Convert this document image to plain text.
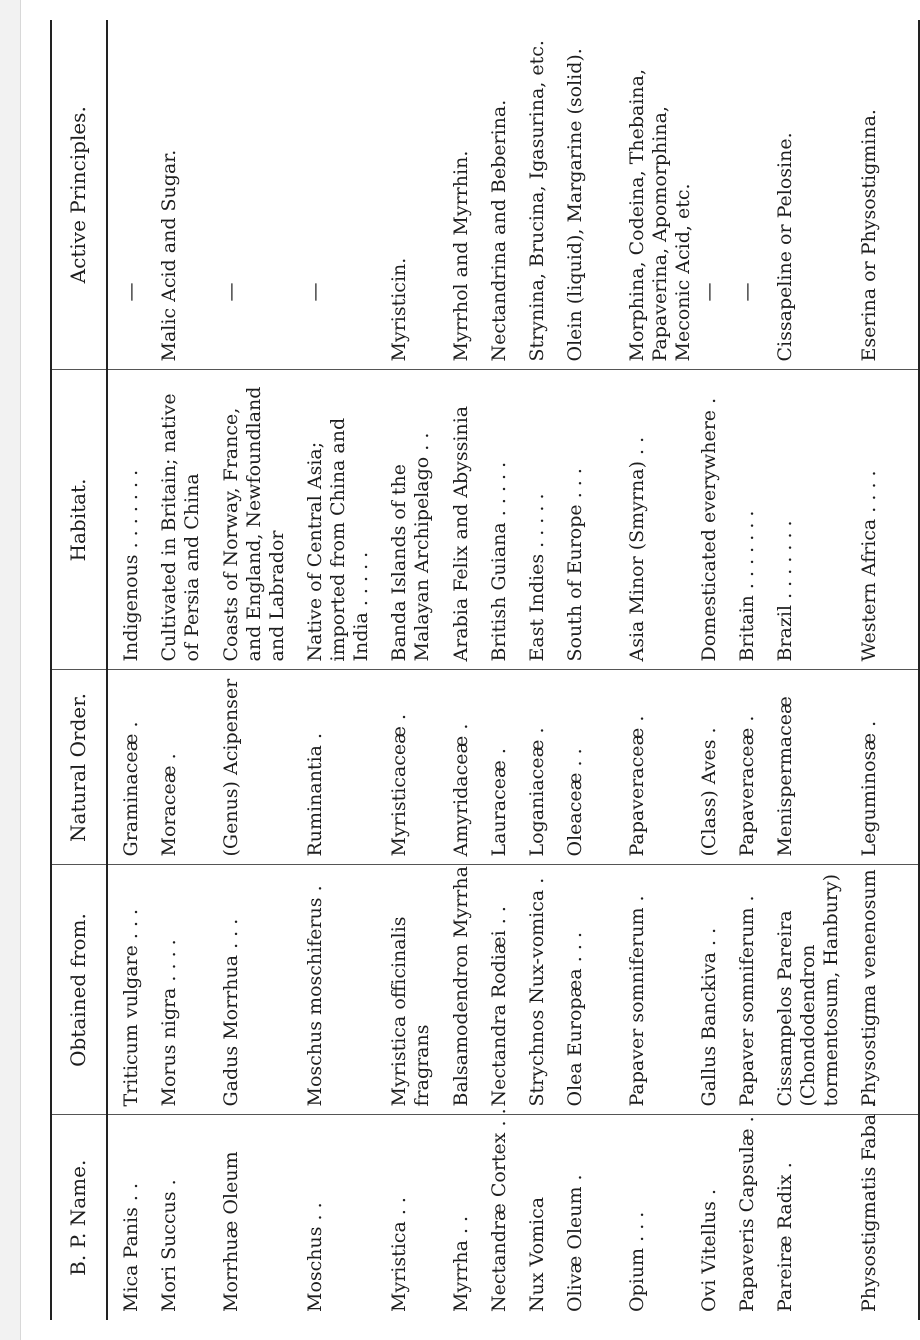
B. P. Name.	Obtained from.	Natural Order.	Habitat.	Active Principles.
Mica Panis . .	Triticum vulgare . . .	Graminaceæ .	Indigenous . . . . . . .	—
Mori Succus .	Morus nigra . . . .	Moraceæ .	Cultivated in Britain; native of Persia and China	Malic Acid and Sugar.
Morrhuæ Oleum	Gadus Morrhua . . .	(Genus) Acipenser	Coasts of Norway, France, and England, Newfoundland and Labrador	—
Moschus . .	Moschus moschiferus .	Ruminantia .	Native of Central Asia; imported from China and India . . . . .	—
Myristica . .	Myristica officinalis fragrans	Myristicaceæ .	Banda Islands of the Malayan Archipelago . .	Myristicin.
Myrrha . .	Balsamodendron Myrrha	Amyridaceæ .	Arabia Felix and Abyssinia	Myrrhol and Myrrhin.
Nectandræ Cortex . .	Nectandra Rodiæi . .	Lauraceæ .	British Guiana . . . . .	Nectandrina and Beberina.
Nux Vomica	Strychnos Nux-vomica .	Loganiaceæ .	East Indies . . . . .	Strynina, Brucina, Igasurina, etc.
Olivæ Oleum .	Olea Europæa . . .	Oleaceæ . .	South of Europe . . .	Olein (liquid), Margarine (solid).
Opium . . .	Papaver somniferum .	Papaveraceæ .	Asia Minor (Smyrna) . .	Morphina, Codeina, Thebaina, Papaverina, Apomorphina, Meconic Acid, etc.
Ovi Vitellus .	Gallus Banckiva . .	(Class) Aves .	Domesticated everywhere .	—
Papaveris Capsulæ .	Papaver somniferum .	Papaveraceæ .	Britain . . . . . . .	—
Pareiræ Radix .	Cissampelos Pareira (Chondodendron tormentosum, Hanbury)	Menispermaceæ	Brazil . . . . . . .	Cissapeline or Pelosine.
Physostigmatis Faba .	Physostigma venenosum	Leguminosæ .	Western Africa . . . .	Eserina or Physostigmina.
